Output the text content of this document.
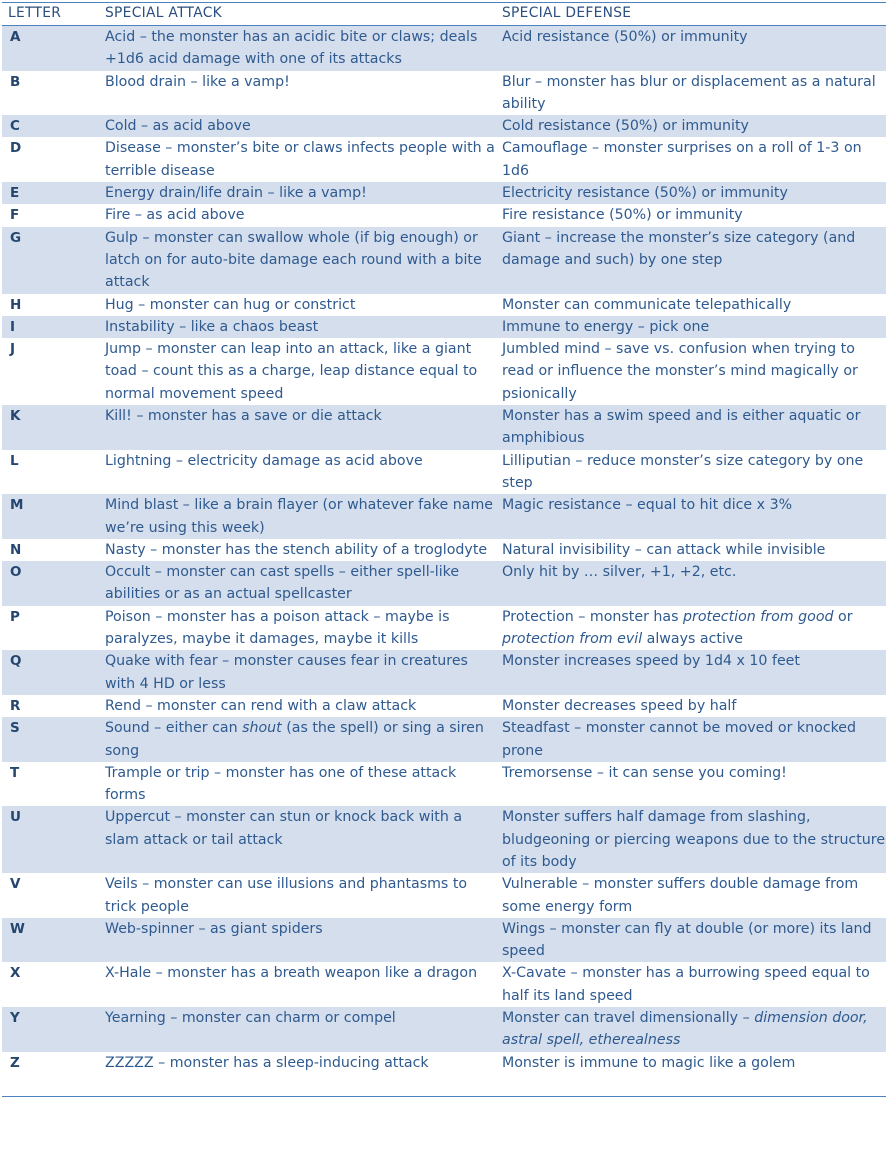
LETTER	SPECIAL ATTACK	SPECIAL DEFENSE
A	Acid – the monster has an acidic bite or claws; deals +1d6 acid damage with one of its attacks	Acid resistance (50%) or immunity
B	Blood drain – like a vamp!	Blur – monster has blur or displacement as a natural ability
C	Cold – as acid above	Cold resistance (50%) or immunity
D	Disease – monster’s bite or claws infects people with a terrible disease	Camouflage – monster surprises on a roll of 1-3 on 1d6
E	Energy drain/life drain – like a vamp!	Electricity resistance (50%) or immunity
F	Fire – as acid above	Fire resistance (50%) or immunity
G	Gulp – monster can swallow whole (if big enough) or latch on for auto-bite damage each round with a bite attack	Giant – increase the monster’s size category (and damage and such) by one step
H	Hug – monster can hug or constrict	Monster can communicate telepathically
I	Instability – like a chaos beast	Immune to energy – pick one
J	Jump – monster can leap into an attack, like a giant toad – count this as a charge, leap distance equal to normal movement speed	Jumbled mind – save vs. confusion when trying to read or influence the monster’s mind magically or psionically
K	Kill! – monster has a save or die attack	Monster has a swim speed and is either aquatic or amphibious
L	Lightning – electricity damage as acid above	Lilliputian – reduce monster’s size category by one step
M	Mind blast – like a brain flayer (or whatever fake name we’re using this week)	Magic resistance – equal to hit dice x 3%
N	Nasty – monster has the stench ability of a troglodyte	Natural invisibility – can attack while invisible
O	Occult – monster can cast spells – either spell-like abilities or as an actual spellcaster	Only hit by … silver, +1, +2, etc.
P	Poison – monster has a poison attack – maybe is paralyzes, maybe it damages, maybe it kills	Protection – monster has protection from good or protection from evil always active
Q	Quake with fear – monster causes fear in creatures with 4 HD or less	Monster increases speed by 1d4 x 10 feet
R	Rend – monster can rend with a claw attack	Monster decreases speed by half
S	Sound – either can shout (as the spell) or sing a siren song	Steadfast – monster cannot be moved or knocked prone
T	Trample or trip – monster has one of these attack forms	Tremorsense – it can sense you coming!
U	Uppercut – monster can stun or knock back with a slam attack or tail attack	Monster suffers half damage from slashing, bludgeoning or piercing weapons due to the structure of its body
V	Veils – monster can use illusions and phantasms to trick people	Vulnerable – monster suffers double damage from some energy form
W	Web-spinner – as giant spiders	Wings – monster can fly at double (or more) its land speed
X	X-Hale – monster has a breath weapon like a dragon	X-Cavate – monster has a burrowing speed equal to half its land speed
Y	Yearning – monster can charm or compel	Monster can travel dimensionally – dimension door, astral spell, etherealness
Z	ZZZZZ – monster has a sleep-inducing attack	Monster is immune to magic like a golem
